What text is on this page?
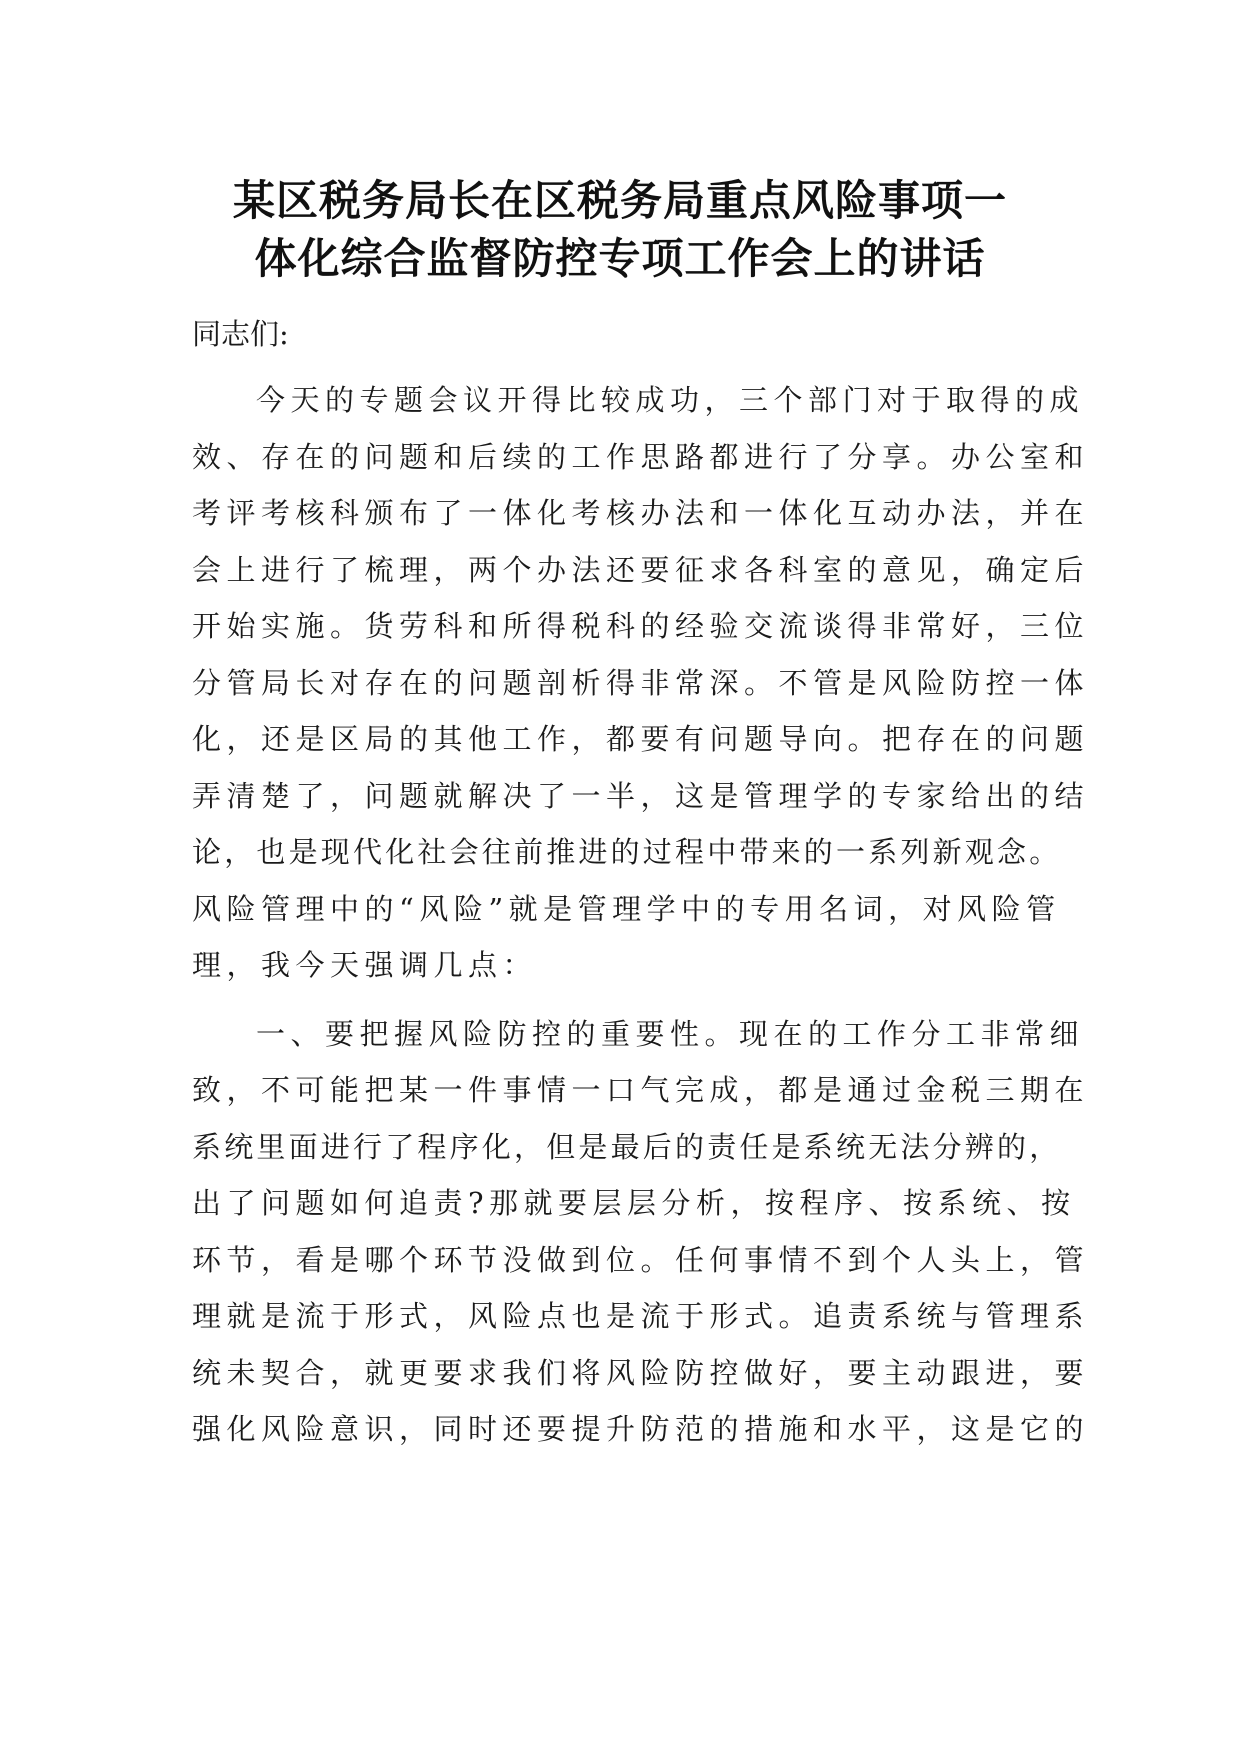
某区税务局长在区税务局重点风险事项一
体化综合监督防控专项工作会上的讲话
同志们:

今天的专题会议开得比较成功，三个部门对于取得的成
效、存在的问题和后续的工作思路都进行了分享。办公室和
考评考核科颁布了一体化考核办法和一体化互动办法，并在
会上进行了梳理，两个办法还要征求各科室的意见，确定后
开始实施。货劳科和所得税科的经验交流谈得非常好，三位
分管局长对存在的问题剖析得非常深。不管是风险防控一体
化，还是区局的其他工作，都要有问题导向。把存在的问题
弄清楚了，问题就解决了一半，这是管理学的专家给出的结
论，也是现代化社会往前推进的过程中带来的一系列新观念。
风险管理中的“风险”就是管理学中的专用名词，对风险管
理，我今天强调几点：

一、要把握风险防控的重要性。现在的工作分工非常细
致，不可能把某一件事情一口气完成，都是通过金税三期在
系统里面进行了程序化，但是最后的责任是系统无法分辨的，
出了问题如何追责?那就要层层分析，按程序、按系统、按
环节，看是哪个环节没做到位。任何事情不到个人头上，管
理就是流于形式，风险点也是流于形式。追责系统与管理系
统未契合，就更要求我们将风险防控做好，要主动跟进，要
强化风险意识，同时还要提升防范的措施和水平，这是它的
